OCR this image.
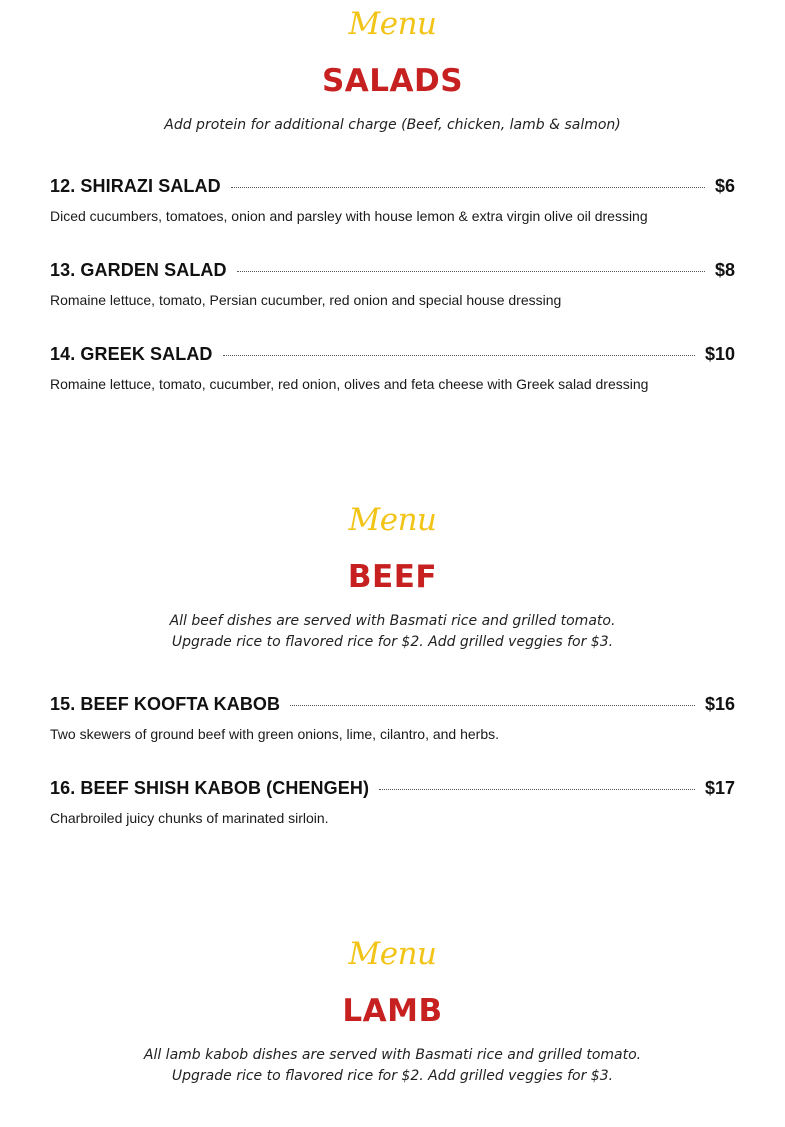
Menu
SALADS
Add protein for additional charge (Beef, chicken, lamb & salmon)
12. SHIRAZI SALAD	$6
Diced cucumbers, tomatoes, onion and parsley with house lemon & extra virgin olive oil dressing
13. GARDEN SALAD	$8
Romaine lettuce, tomato, Persian cucumber, red onion and special house dressing
14. GREEK SALAD	$10
Romaine lettuce, tomato, cucumber, red onion, olives and feta cheese with Greek salad dressing
Menu
BEEF
All beef dishes are served with Basmati rice and grilled tomato.
Upgrade rice to flavored rice for $2. Add grilled veggies for $3.
15. BEEF KOOFTA KABOB	$16
Two skewers of ground beef with green onions, lime, cilantro, and herbs.
16. BEEF SHISH KABOB (CHENGEH)	$17
Charbroiled juicy chunks of marinated sirloin.
Menu
LAMB
All lamb kabob dishes are served with Basmati rice and grilled tomato.
Upgrade rice to flavored rice for $2. Add grilled veggies for $3.
